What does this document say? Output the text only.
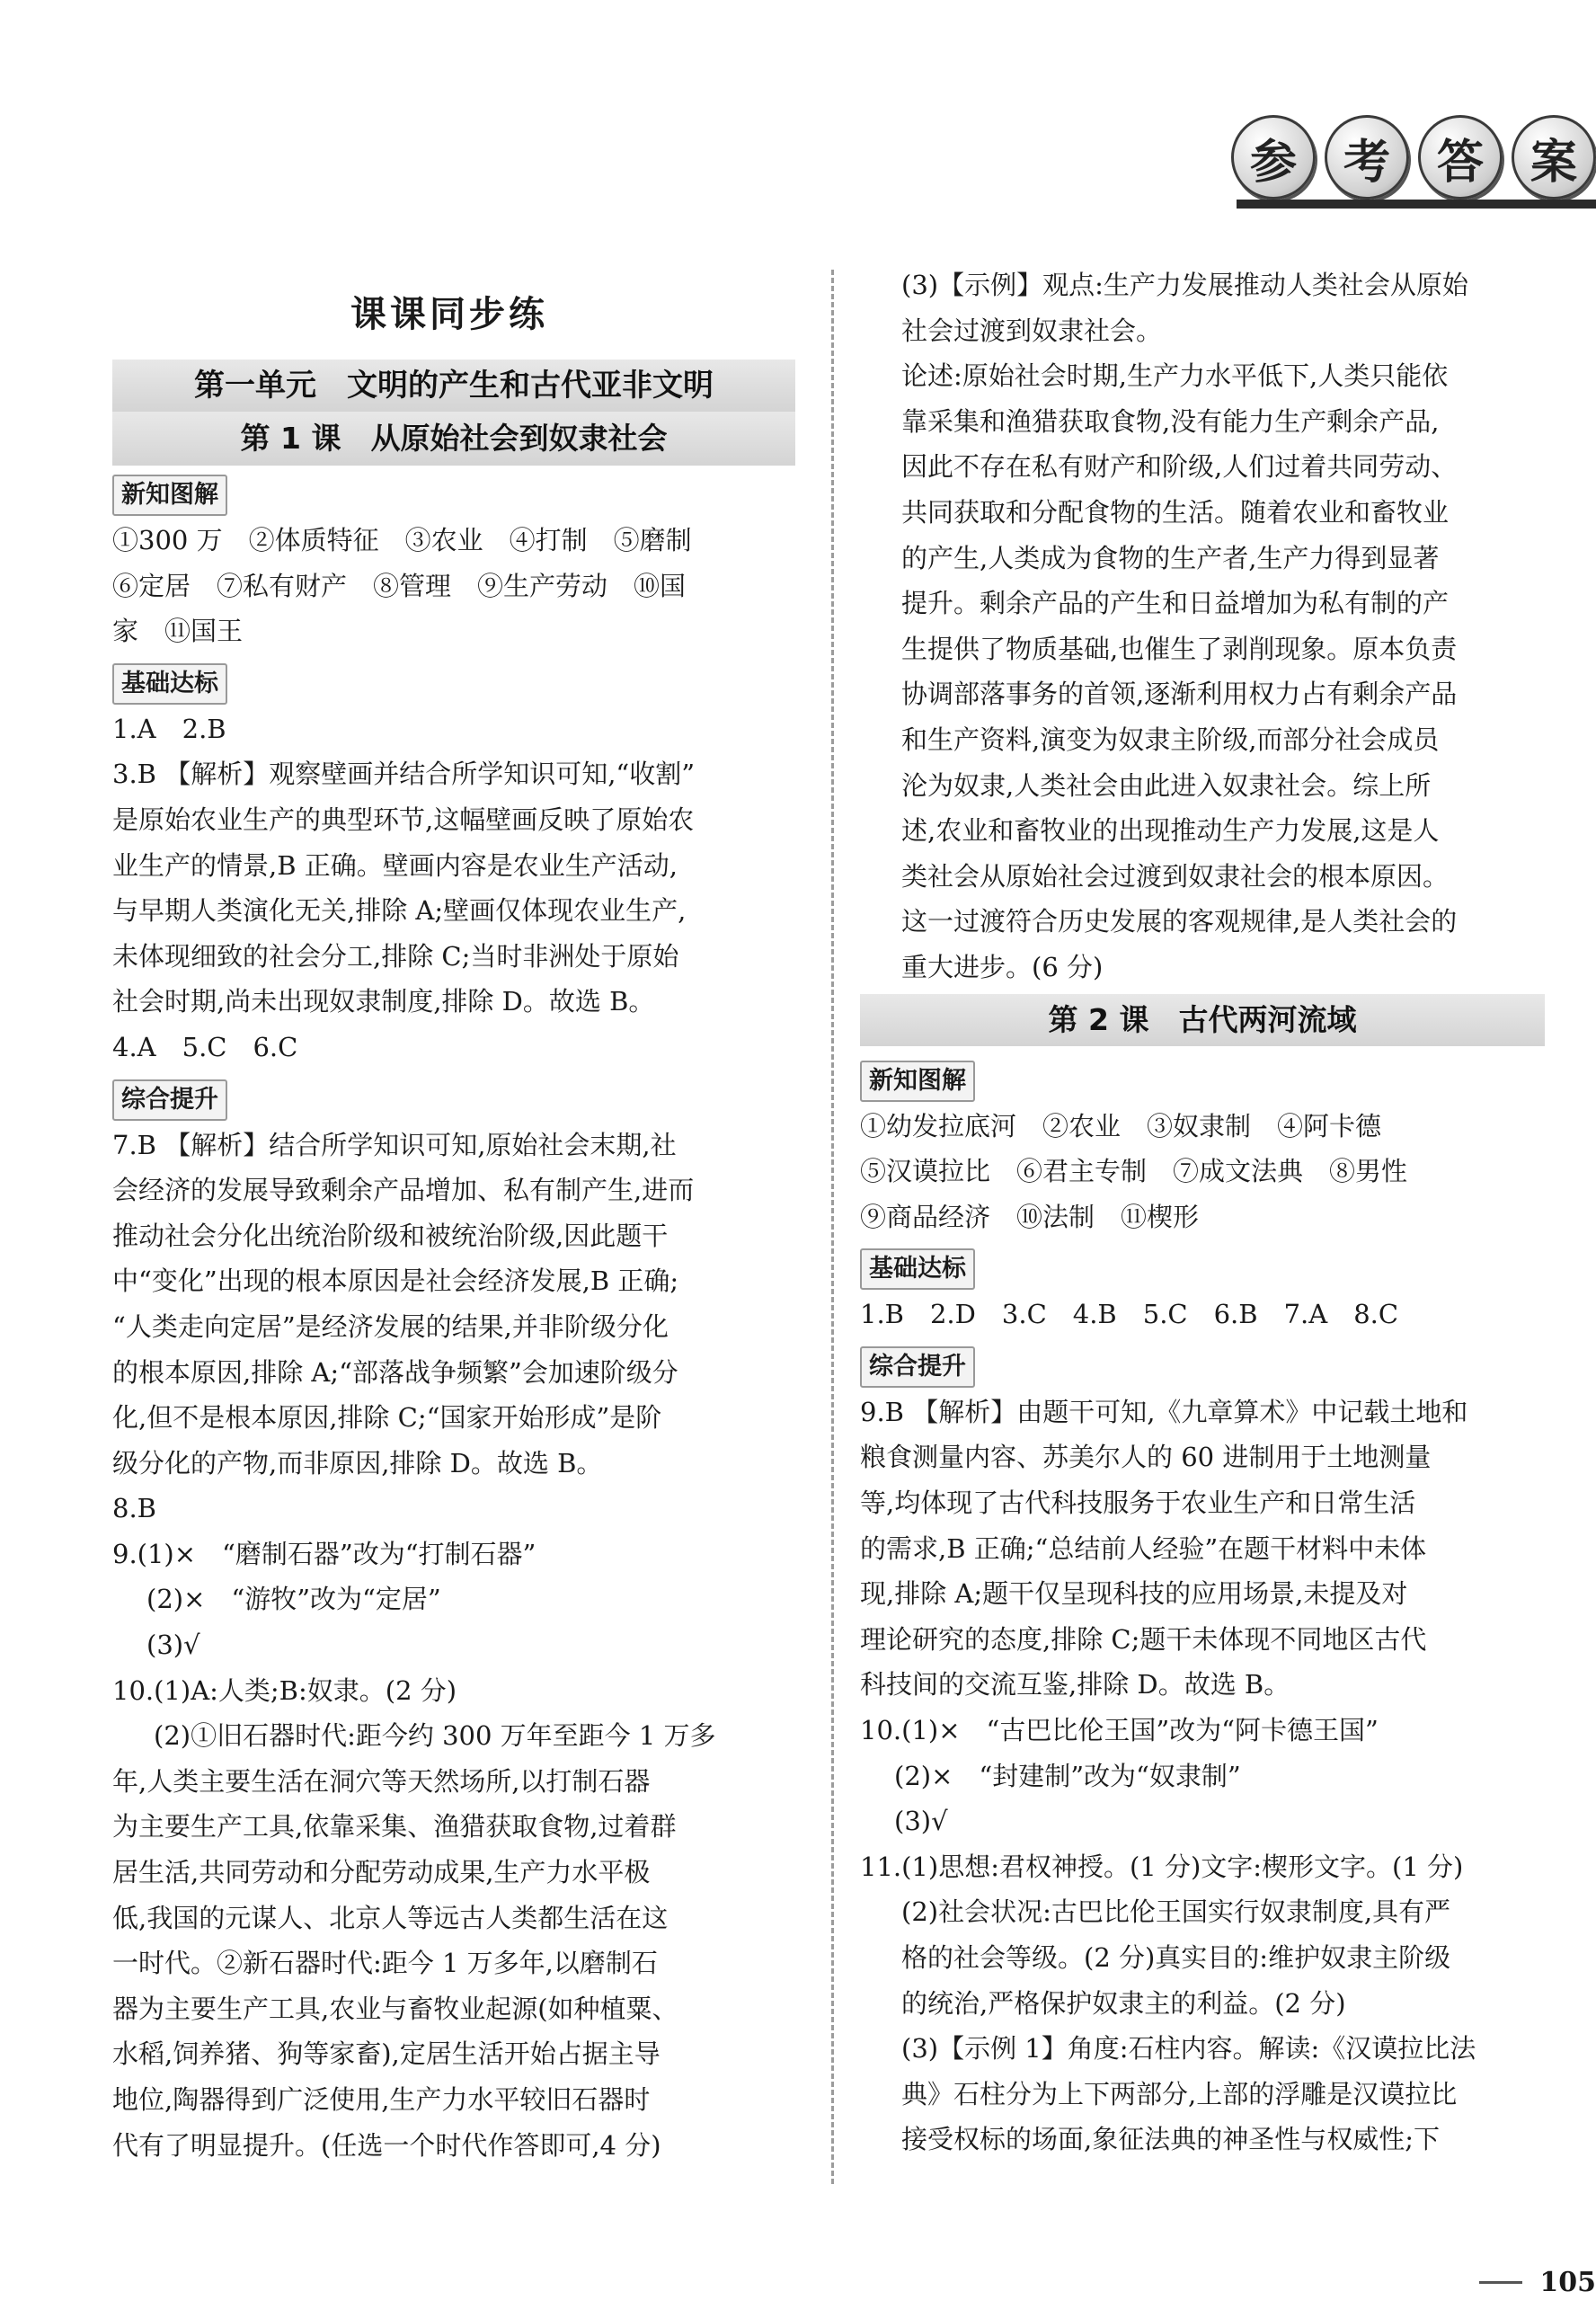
参 考 答 案
课课同步练
第一单元　文明的产生和古代亚非文明
第 1 课　从原始社会到奴隶社会
新知图解
①300 万　②体质特征　③农业　④打制　⑤磨制
⑥定居　⑦私有财产　⑧管理　⑨生产劳动　⑩国
家　⑪国王
基础达标
1.A　2.B
3.B 【解析】观察壁画并结合所学知识可知,“收割”
是原始农业生产的典型环节,这幅壁画反映了原始农
业生产的情景,B 正确。壁画内容是农业生产活动,
与早期人类演化无关,排除 A;壁画仅体现农业生产,
未体现细致的社会分工,排除 C;当时非洲处于原始
社会时期,尚未出现奴隶制度,排除 D。故选 B。
4.A　5.C　6.C
综合提升
7.B 【解析】结合所学知识可知,原始社会末期,社
会经济的发展导致剩余产品增加、私有制产生,进而
推动社会分化出统治阶级和被统治阶级,因此题干
中“变化”出现的根本原因是社会经济发展,B 正确;
“人类走向定居”是经济发展的结果,并非阶级分化
的根本原因,排除 A;“部落战争频繁”会加速阶级分
化,但不是根本原因,排除 C;“国家开始形成”是阶
级分化的产物,而非原因,排除 D。故选 B。
8.B
9.(1)×　“磨制石器”改为“打制石器”
(2)×　“游牧”改为“定居”
(3)√
10.(1)A:人类;B:奴隶。(2 分)
(2)①旧石器时代:距今约 300 万年至距今 1 万多
年,人类主要生活在洞穴等天然场所,以打制石器
为主要生产工具,依靠采集、渔猎获取食物,过着群
居生活,共同劳动和分配劳动成果,生产力水平极
低,我国的元谋人、北京人等远古人类都生活在这
一时代。②新石器时代:距今 1 万多年,以磨制石
器为主要生产工具,农业与畜牧业起源(如种植粟、
水稻,饲养猪、狗等家畜),定居生活开始占据主导
地位,陶器得到广泛使用,生产力水平较旧石器时
代有了明显提升。(任选一个时代作答即可,4 分)
(3)【示例】观点:生产力发展推动人类社会从原始
社会过渡到奴隶社会。
论述:原始社会时期,生产力水平低下,人类只能依
靠采集和渔猎获取食物,没有能力生产剩余产品,
因此不存在私有财产和阶级,人们过着共同劳动、
共同获取和分配食物的生活。随着农业和畜牧业
的产生,人类成为食物的生产者,生产力得到显著
提升。剩余产品的产生和日益增加为私有制的产
生提供了物质基础,也催生了剥削现象。原本负责
协调部落事务的首领,逐渐利用权力占有剩余产品
和生产资料,演变为奴隶主阶级,而部分社会成员
沦为奴隶,人类社会由此进入奴隶社会。综上所
述,农业和畜牧业的出现推动生产力发展,这是人
类社会从原始社会过渡到奴隶社会的根本原因。
这一过渡符合历史发展的客观规律,是人类社会的
重大进步。(6 分)
第 2 课　古代两河流域
新知图解
①幼发拉底河　②农业　③奴隶制　④阿卡德
⑤汉谟拉比　⑥君主专制　⑦成文法典　⑧男性
⑨商品经济　⑩法制　⑪楔形
基础达标
1.B　2.D　3.C　4.B　5.C　6.B　7.A　8.C
综合提升
9.B 【解析】由题干可知,《九章算术》中记载土地和
粮食测量内容、苏美尔人的 60 进制用于土地测量
等,均体现了古代科技服务于农业生产和日常生活
的需求,B 正确;“总结前人经验”在题干材料中未体
现,排除 A;题干仅呈现科技的应用场景,未提及对
理论研究的态度,排除 C;题干未体现不同地区古代
科技间的交流互鉴,排除 D。故选 B。
10.(1)×　“古巴比伦王国”改为“阿卡德王国”
(2)×　“封建制”改为“奴隶制”
(3)√
11.(1)思想:君权神授。(1 分)文字:楔形文字。(1 分)
(2)社会状况:古巴比伦王国实行奴隶制度,具有严
格的社会等级。(2 分)真实目的:维护奴隶主阶级
的统治,严格保护奴隶主的利益。(2 分)
(3)【示例 1】角度:石柱内容。解读:《汉谟拉比法
典》石柱分为上下两部分,上部的浮雕是汉谟拉比
接受权标的场面,象征法典的神圣性与权威性;下
105
